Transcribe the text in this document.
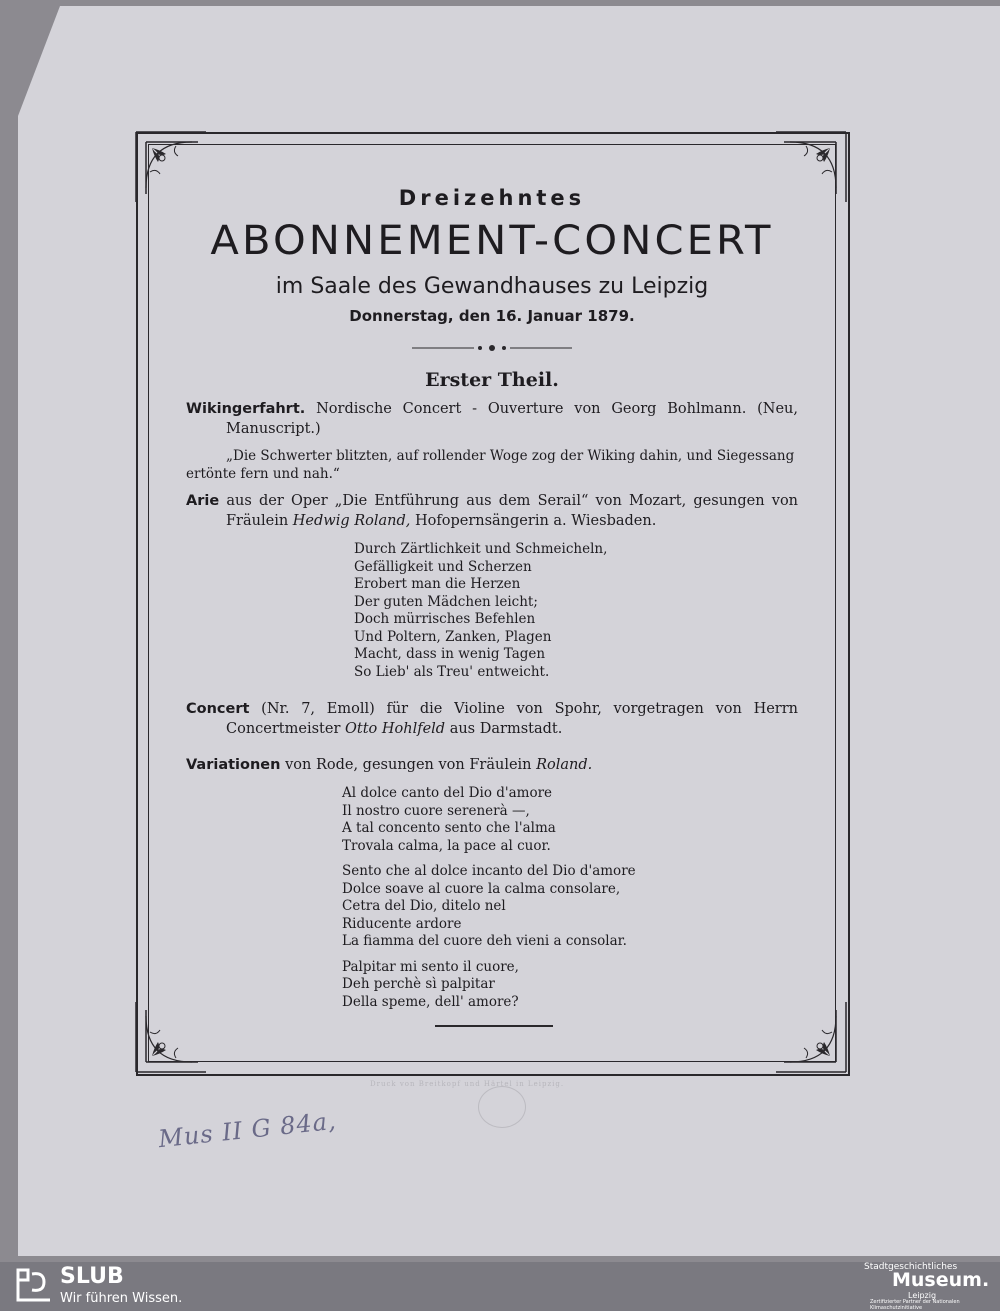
Dreizehntes

ABONNEMENT-CONCERT

im Saale des Gewandhauses zu Leipzig

Donnerstag, den 16. Januar 1879.

Erster Theil.

Wikingerfahrt. Nordische Concert - Ouverture von Georg Bohlmann. (Neu, Manuscript.)

„Die Schwerter blitzten, auf rollender Woge zog der Wiking dahin, und Siegessang ertönte fern und nah.“

Arie aus der Oper „Die Entführung aus dem Serail“ von Mozart, gesungen von Fräulein Hedwig Roland, Hofopernsängerin a. Wiesbaden.

Durch Zärtlichkeit und Schmeicheln,

Gefälligkeit und Scherzen

Erobert man die Herzen

Der guten Mädchen leicht;

Doch mürrisches Befehlen

Und Poltern, Zanken, Plagen

Macht, dass in wenig Tagen

So Lieb' als Treu' entweicht.

Concert (Nr. 7, Emoll) für die Violine von Spohr, vorgetragen von Herrn Concertmeister Otto Hohlfeld aus Darmstadt.

Variationen von Rode, gesungen von Fräulein Roland.

Al dolce canto del Dio d'amore

Il nostro cuore serenerà —,

A tal concento sento che l'alma

Trovala calma, la pace al cuor.

Sento che al dolce incanto del Dio d'amore

Dolce soave al cuore la calma consolare,

Cetra del Dio, ditelo nel

Riducente ardore

La fiamma del cuore deh vieni a consolar.

Palpitar mi sento il cuore,

Deh perchè sì palpitar

Della speme, dell' amore?

Druck von Breitkopf und Härtel in Leipzig.
Mus II G 84a,
SLUB
Wir führen Wissen.
Stadtgeschichtliches
Museum.
Leipzig
Zertifizierter Partner der Nationalen Klimaschutzinitiative
